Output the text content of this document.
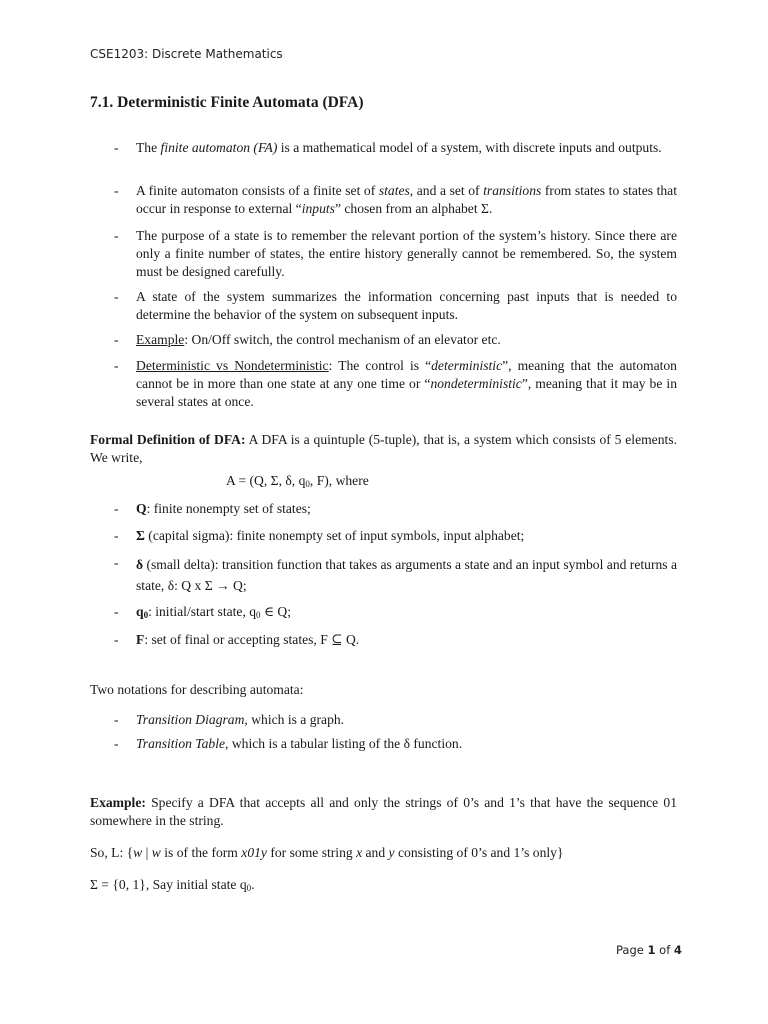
CSE1203: Discrete Mathematics
7.1. Deterministic Finite Automata (DFA)
- The finite automaton (FA) is a mathematical model of a system, with discrete inputs and outputs.
- A finite automaton consists of a finite set of states, and a set of transitions from states to states that occur in response to external “inputs” chosen from an alphabet Σ.
- The purpose of a state is to remember the relevant portion of the system’s history. Since there are only a finite number of states, the entire history generally cannot be remembered. So, the system must be designed carefully.
- A state of the system summarizes the information concerning past inputs that is needed to determine the behavior of the system on subsequent inputs.
- Example: On/Off switch, the control mechanism of an elevator etc.
- Deterministic vs Nondeterministic: The control is “deterministic”, meaning that the automaton cannot be in more than one state at any one time or “nondeterministic”, meaning that it may be in several states at once.
Formal Definition of DFA: A DFA is a quintuple (5-tuple), that is, a system which consists of 5 elements. We write,
A = (Q, Σ, δ, $q_0$, F), where
- Q: finite nonempty set of states;
- Σ (capital sigma): finite nonempty set of input symbols, input alphabet;
- δ (small delta): transition function that takes as arguments a state and an input symbol and returns a state, δ: Q x Σ → Q;
- $q_0$: initial/start state, $q_0$ ∈ Q;
- F: set of final or accepting states, F ⊆ Q.
Two notations for describing automata:
- Transition Diagram, which is a graph.
- Transition Table, which is a tabular listing of the δ function.
Example: Specify a DFA that accepts all and only the strings of 0’s and 1’s that have the sequence 01 somewhere in the string.
So, L: {w | w is of the form x01y for some string x and y consisting of 0’s and 1’s only}
Σ = {0, 1}, Say initial state $q_0$.
Page 1 of 4
